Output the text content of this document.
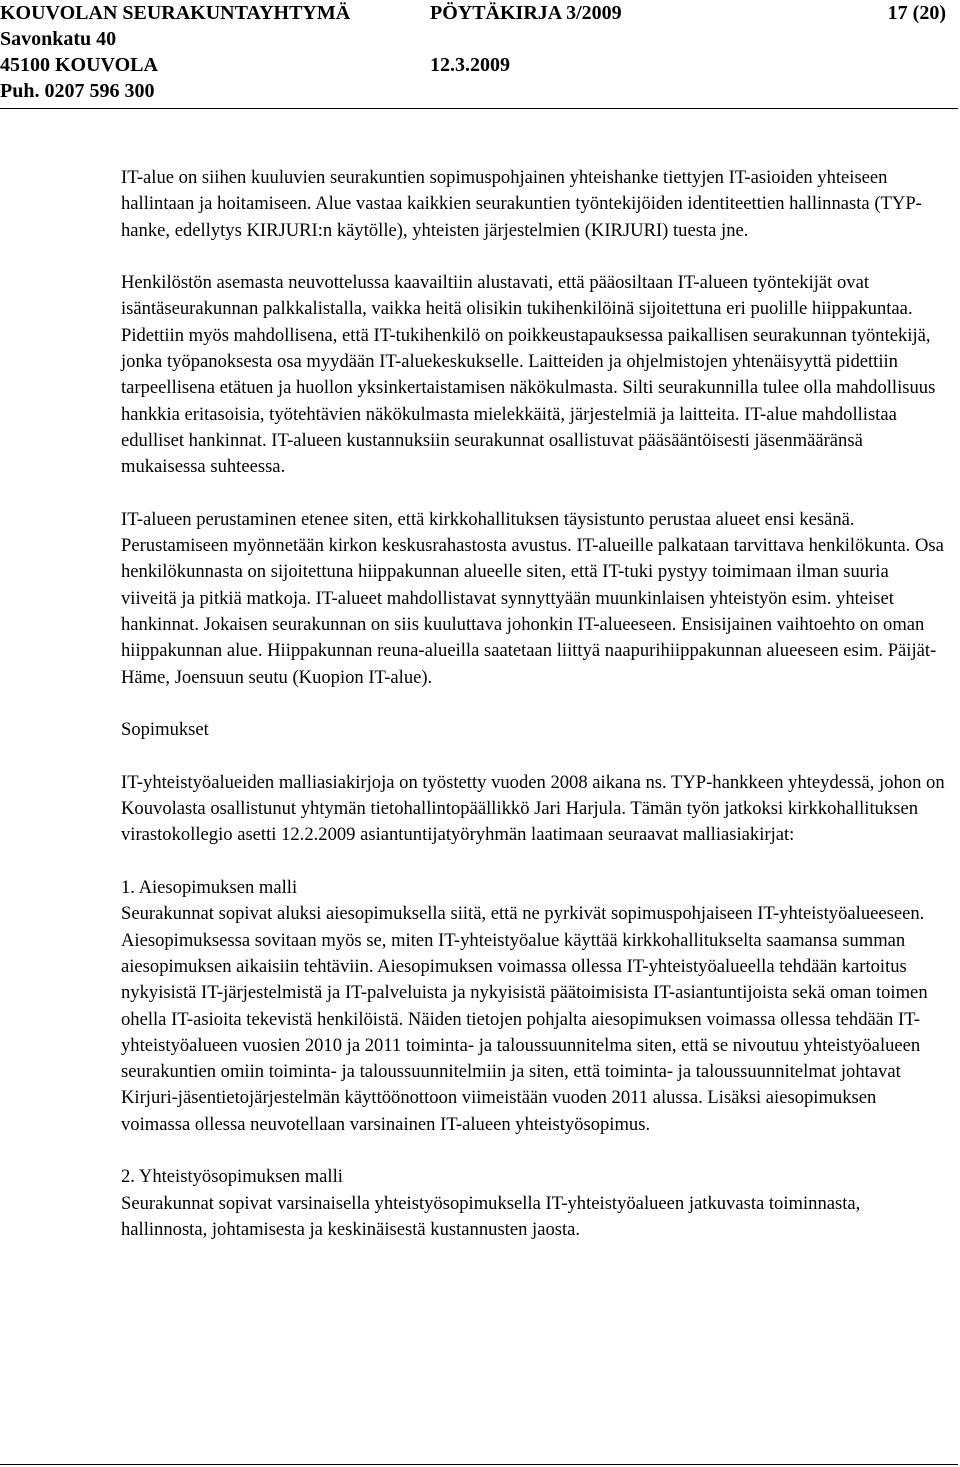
KOUVOLAN SEURAKUNTAYHTYMÄ	PÖYTÄKIRJA 3/2009	17 (20)
Savonkatu 40
45100 KOUVOLA	12.3.2009
Puh. 0207 596 300

IT-alue on siihen kuuluvien seurakuntien sopimuspohjainen yhteishanke tiettyjen IT-asioiden yhteiseen hallintaan ja hoitamiseen. Alue vastaa kaikkien seurakuntien työntekijöiden identiteettien hallinnasta (TYP-hanke, edellytys KIRJURI:n käytölle), yhteisten järjestelmien (KIRJURI) tuesta jne.

Henkilöstön asemasta neuvottelussa kaavailtiin alustavati, että pääosiltaan IT-alueen työntekijät ovat isäntäseurakunnan palkkalistalla, vaikka heitä olisikin tukihenkilöinä sijoitettuna eri puolille hiippakuntaa. Pidettiin myös mahdollisena, että IT-tukihenkilö on poikkeustapauksessa paikallisen seurakunnan työntekijä, jonka työpanoksesta osa myydään IT-aluekeskukselle. Laitteiden ja ohjelmistojen yhtenäisyyttä pidettiin tarpeellisena etätuen ja huollon yksinkertaistamisen näkökulmasta. Silti seurakunnilla tulee olla mahdollisuus hankkia eritasoisia, työtehtävien näkökulmasta mielekkäitä, järjestelmiä ja laitteita. IT-alue mahdollistaa edulliset hankinnat. IT-alueen kustannuksiin seurakunnat osallistuvat pääsääntöisesti jäsenmääränsä mukaisessa suhteessa.

IT-alueen perustaminen etenee siten, että kirkkohallituksen täysistunto perustaa alueet ensi kesänä. Perustamiseen myönnetään kirkon keskusrahastosta avustus. IT-alueille palkataan tarvittava henkilökunta. Osa henkilökunnasta on sijoitettuna hiippakunnan alueelle siten, että IT-tuki pystyy toimimaan ilman suuria viiveitä ja pitkiä matkoja. IT-alueet mahdollistavat synnyttyään muunkinlaisen yhteistyön esim. yhteiset hankinnat. Jokaisen seurakunnan on siis kuuluttava johonkin IT-alueeseen. Ensisijainen vaihtoehto on oman hiippakunnan alue. Hiippakunnan reuna-alueilla saatetaan liittyä naapurihiippakunnan alueeseen esim. Päijät-Häme, Joensuun seutu (Kuopion IT-alue).

Sopimukset

IT-yhteistyöalueiden malliasiakirjoja on työstetty vuoden 2008 aikana ns. TYP-hankkeen yhteydessä, johon on Kouvolasta osallistunut yhtymän tietohallintopäällikkö Jari Harjula. Tämän työn jatkoksi kirkkohallituksen virastokollegio asetti 12.2.2009 asiantuntijatyöryhmän laatimaan seuraavat malliasiakirjat:

1. Aiesopimuksen malli

Seurakunnat sopivat aluksi aiesopimuksella siitä, että ne pyrkivät sopimuspohjaiseen IT-yhteistyöalueeseen. Aiesopimuksessa sovitaan myös se, miten IT-yhteistyöalue käyttää kirkkohallitukselta saamansa summan aiesopimuksen aikaisiin tehtäviin. Aiesopimuksen voimassa ollessa IT-yhteistyöalueella tehdään kartoitus nykyisistä IT-järjestelmistä ja IT-palveluista ja nykyisistä päätoimisista IT-asiantuntijoista sekä oman toimen ohella IT-asioita tekevistä henkilöistä. Näiden tietojen pohjalta aiesopimuksen voimassa ollessa tehdään IT-yhteistyöalueen vuosien 2010 ja 2011 toiminta- ja taloussuunnitelma siten, että se nivoutuu yhteistyöalueen seurakuntien omiin toiminta- ja taloussuunnitelmiin ja siten, että toiminta- ja taloussuunnitelmat johtavat Kirjuri-jäsentietojärjestelmän käyttöönottoon viimeistään vuoden 2011 alussa. Lisäksi aiesopimuksen voimassa ollessa neuvotellaan varsinainen IT-alueen yhteistyösopimus.

2. Yhteistyösopimuksen malli

Seurakunnat sopivat varsinaisella yhteistyösopimuksella IT-yhteistyöalueen jatkuvasta toiminnasta, hallinnosta, johtamisesta ja keskinäisestä kustannusten jaosta.
